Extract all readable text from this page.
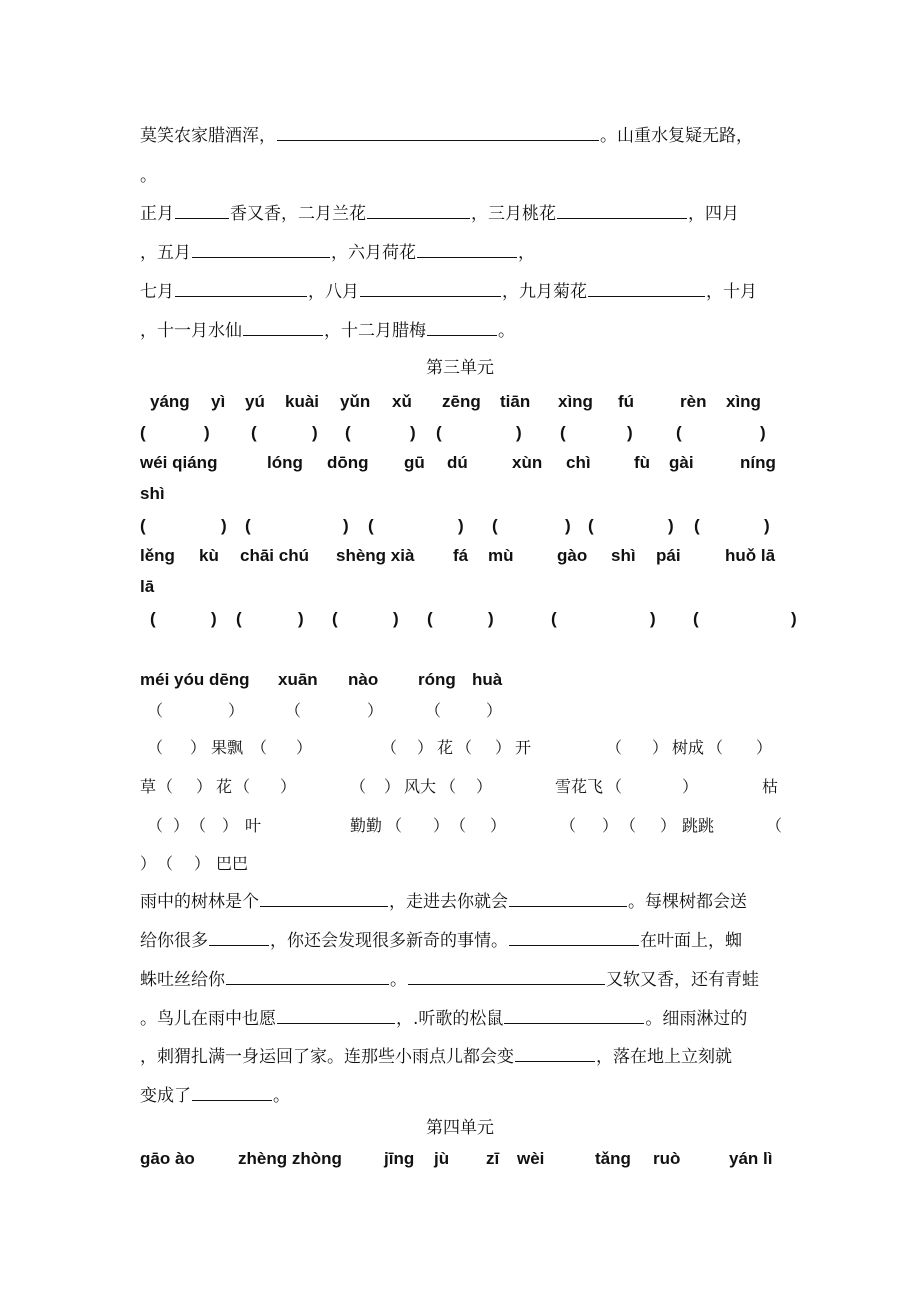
莫笑农家腊酒浑，	。山重水复疑无路，
。
正月	香又香，二月兰花	，三月桃花	，四月
，五月	，六月荷花	，
七月	，八月	，九月菊花	，十月
，十一月水仙	，十二月腊梅	。
第三单元
yáng yì yú kuài yǔn xǔ zēng tiān xìng fú	rèn xìng
(	) (	) (	) (	) (	)	(	)
wéi qiáng	lóng dōng gū dú	xùn chì	fù gài	níng
shì
(	) (	) (	) (	) (	) (	)
lěng kù chāi chú shèng xià fá mù	gào shì pái	huǒ lā
lā
(	) (	) (	) (	)	(	) (	)
méi yóu dēng xuān nào róng huà
（	）	（	）	（	）
（ ） 果飘 （ ）	（ ） 花 （ ） 开	（ ） 树成 （ ）
草 （ ） 花 （ ）	（ ） 风大 （ ）	雪花飞 （	）	枯
（ ） （ ） 叶	勤勤 （ ） （ ）	（ ） （ ） 跳跳	（
） （ ） 巴巴
雨中的树林是个	，走进去你就会	。每棵树都会送
给你很多	，你还会发现很多新奇的事情。	在叶面上，蜘
蛛吐丝给你	。	又软又香，还有青蛙
。鸟儿在雨中也愿	，.听歌的松鼠	。细雨淋过的
，刺猬扎满一身运回了家。连那些小雨点儿都会变	，落在地上立刻就
变成了	。
第四单元
gāo ào	zhèng zhòng jīng jù zī wèi	tǎng ruò	yán lì
